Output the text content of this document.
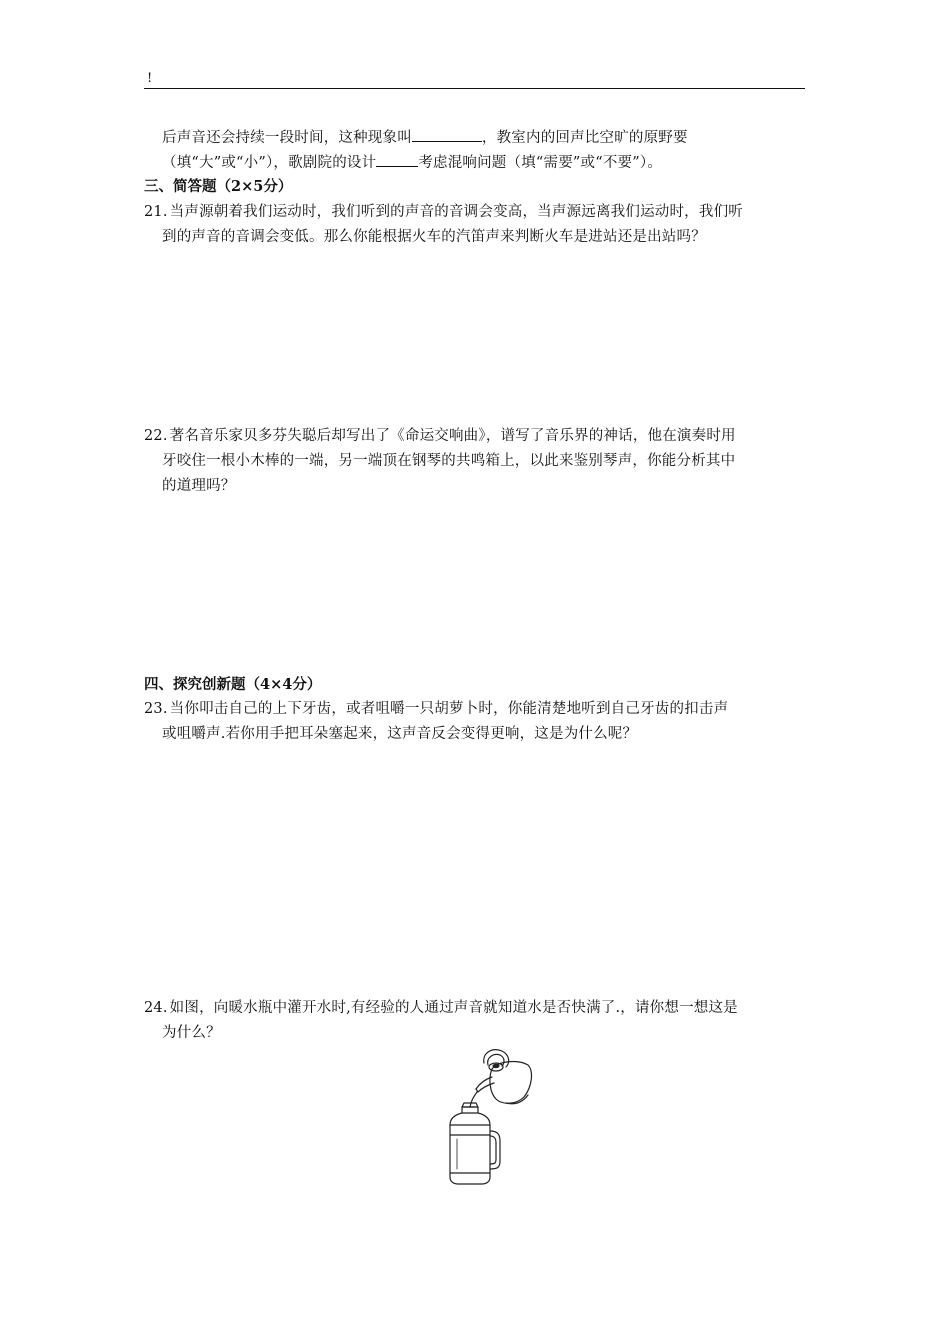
!
后声音还会持续一段时间，这种现象叫	，教室内的回声比空旷的原野要
（填“大”或“小”），歌剧院的设计	考虑混响问题（填“需要”或“不要”）。
三、简答题（2×5分）
21. 当声源朝着我们运动时，我们听到的声音的音调会变高，当声源远离我们运动时，我们听
到的声音的音调会变低。那么你能根据火车的汽笛声来判断火车是进站还是出站吗？
22. 著名音乐家贝多芬失聪后却写出了《命运交响曲》，谱写了音乐界的神话，他在演奏时用
牙咬住一根小木棒的一端，另一端顶在钢琴的共鸣箱上，以此来鉴别琴声，你能分析其中
的道理吗？
四、探究创新题（4×4分）
23. 当你叩击自己的上下牙齿，或者咀嚼一只胡萝卜时，你能清楚地听到自己牙齿的扣击声
或咀嚼声.若你用手把耳朵塞起来，这声音反会变得更响，这是为什么呢？
24. 如图，向暖水瓶中灌开水时,有经验的人通过声音就知道水是否快满了.，请你想一想这是
为什么？
